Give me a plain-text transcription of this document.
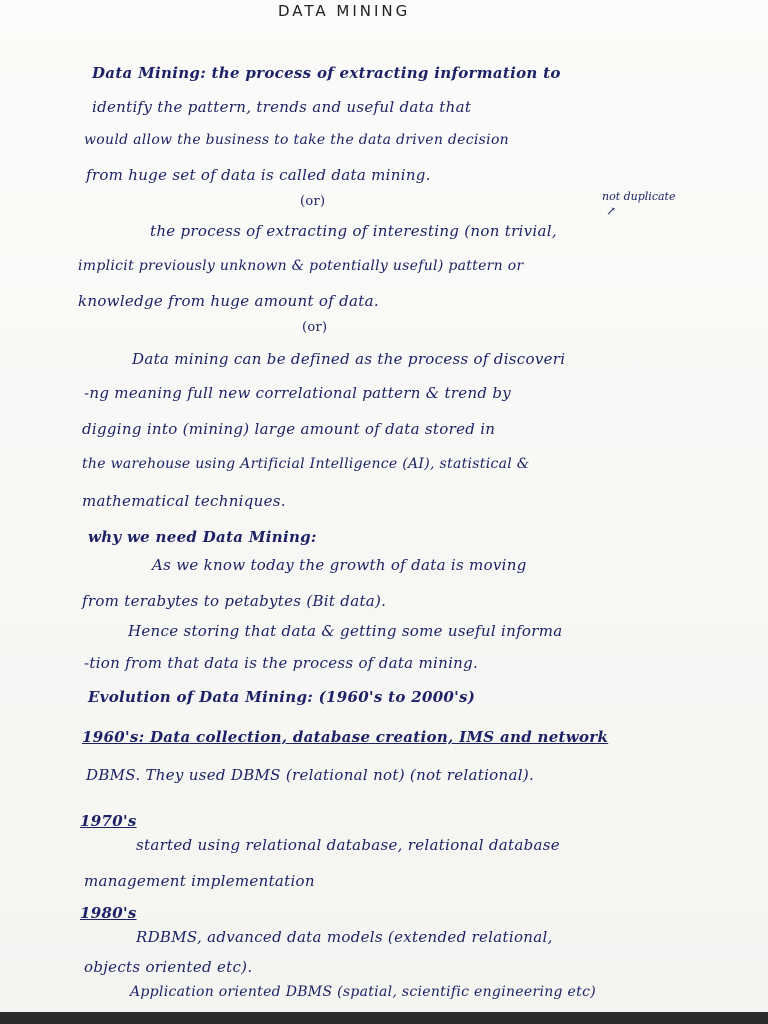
DATA MINING
Data Mining: the process of extracting information to
identify the pattern, trends and useful data that
would allow the business to take the data driven decision
from huge set of data is called data mining.
(or)	not duplicate
↗
the process of extracting of interesting (non trivial,
implicit previously unknown & potentially useful) pattern or
knowledge from huge amount of data.
(or)
Data mining can be defined as the process of discoveri
-ng meaning full new correlational pattern & trend by
digging into (mining) large amount of data stored in
the warehouse using Artificial Intelligence (AI), statistical &
mathematical techniques.
why we need Data Mining:
As we know today the growth of data is moving
from terabytes to petabytes (Bit data).
Hence storing that data & getting some useful informa
-tion from that data is the process of data mining.
Evolution of Data Mining: (1960's to 2000's)
1960's: Data collection, database creation, IMS and network
DBMS. They used DBMS (relational not) (not relational).
1970's
started using relational database, relational database
management implementation
1980's
RDBMS, advanced data models (extended relational,
objects oriented etc).
Application oriented DBMS (spatial, scientific engineering etc)
